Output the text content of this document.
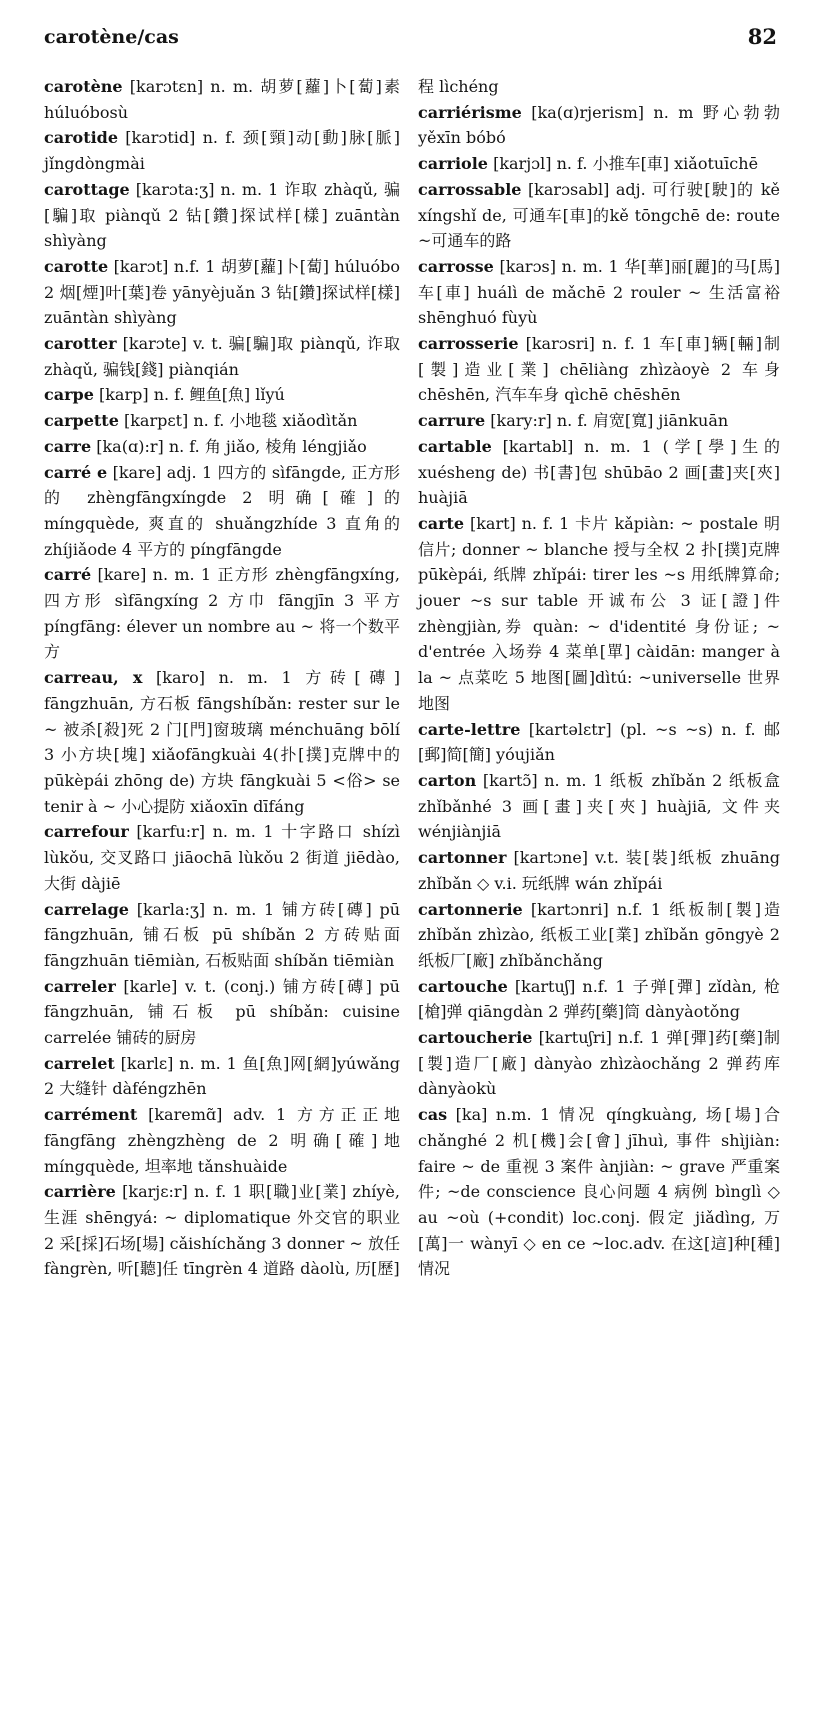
carotène/cas	82

carotène [karɔtɛn] n. m. 胡萝[蘿]卜[蔔]素 húluóbosù

carotide [karɔtid] n. f. 颈[頸]动[動]脉[脈] jǐngdòngmài

carottage [karɔta:ʒ] n. m. 1 诈取 zhàqǔ, 骗[騙]取 piànqǔ 2 钻[鑽]探试样[樣] zuāntàn shìyàng

carotte [karɔt] n.f. 1 胡萝[蘿]卜[蔔] húluóbo 2 烟[煙]叶[葉]卷 yānyèjuǎn 3 钻[鑽]探试样[樣] zuāntàn shìyàng

carotter [karɔte] v. t. 骗[騙]取 piànqǔ, 诈取 zhàqǔ, 骗钱[錢] piànqián

carpe [karp] n. f. 鲤鱼[魚] lǐyú

carpette [karpɛt] n. f. 小地毯 xiǎodìtǎn

carre [ka(ɑ):r] n. f. 角 jiǎo, 棱角 léngjiǎo

carré e [kare] adj. 1 四方的 sìfāngde, 正方形的 zhèngfāngxíngde 2 明确[確]的 míngquède, 爽直的 shuǎngzhíde 3 直角的 zhíjiǎode 4 平方的 píngfāngde

carré [kare] n. m. 1 正方形 zhèngfāngxíng, 四方形 sìfāngxíng 2 方巾 fāngjīn 3 平方 píngfāng: élever un nombre au ~ 将一个数平方

carreau, x [karo] n. m. 1 方砖[磚] fāngzhuān, 方石板 fāngshíbǎn: rester sur le ~ 被杀[殺]死 2 门[門]窗玻璃 ménchuāng bōlí 3 小方块[塊] xiǎofāngkuài 4(扑[撲]克牌中的 pūkèpái zhōng de) 方块 fāngkuài 5 <俗> se tenir à ~ 小心提防 xiǎoxīn dīfáng

carrefour [karfu:r] n. m. 1 十字路口 shízì lùkǒu, 交叉路口 jiāochā lùkǒu 2 街道 jiēdào, 大街 dàjiē

carrelage [karla:ʒ] n. m. 1 铺方砖[磚] pū fāngzhuān, 铺石板 pū shíbǎn 2 方砖贴面 fāngzhuān tiēmiàn, 石板贴面 shíbǎn tiēmiàn

carreler [karle] v. t. (conj.) 铺方砖[磚] pū fāngzhuān, 铺石板 pū shíbǎn: cuisine carrelée 铺砖的厨房

carrelet [karlɛ] n. m. 1 鱼[魚]网[網]yúwǎng 2 大缝针 dàféngzhēn

carrément [karemɑ̃] adv. 1 方方正正地 fāngfāng zhèngzhèng de 2 明确[確]地 míngquède, 坦率地 tǎnshuàide

carrière [karjɛ:r] n. f. 1 职[職]业[業] zhíyè, 生涯 shēngyá: ~ diplomatique 外交官的职业 2 采[採]石场[場] cǎishíchǎng 3 donner ~ 放任 fàngrèn, 听[聽]任 tīngrèn 4 道路 dàolù, 历[歷]

程 lìchéng

carriérisme [ka(ɑ)rjerism] n. m 野心勃勃 yěxīn bóbó

carriole [karjɔl] n. f. 小推车[車] xiǎotuīchē

carrossable [karɔsabl] adj. 可行驶[駛]的 kě xíngshǐ de, 可通车[車]的kě tōngchē de: route ~可通车的路

carrosse [karɔs] n. m. 1 华[華]丽[麗]的马[馬]车[車] huálì de mǎchē 2 rouler ~ 生活富裕 shēnghuó fùyù

carrosserie [karɔsri] n. f. 1 车[車]辆[輛]制[製]造业[業] chēliàng zhìzàoyè 2 车身 chēshēn, 汽车车身 qìchē chēshēn

carrure [kary:r] n. f. 肩宽[寬] jiānkuān

cartable [kartabl] n. m. 1 (学[學]生的 xuésheng de) 书[書]包 shūbāo 2 画[畫]夹[夾] huàjiā

carte [kart] n. f. 1 卡片 kǎpiàn: ~ postale 明信片; donner ~ blanche 授与全权 2 扑[撲]克牌 pūkèpái, 纸牌 zhǐpái: tirer les ~s 用纸牌算命; jouer ~s sur table 开诚布公 3 证[證]件 zhèngjiàn,券 quàn: ~ d'identité 身份证; ~ d'entrée 入场券 4 菜单[單] càidān: manger à la ~ 点菜吃 5 地图[圖]dìtú: ~universelle 世界地图

carte-lettre [kartəlɛtr] (pl. ~s ~s) n. f. 邮[郵]简[簡] yóujiǎn

carton [kartɔ̃] n. m. 1 纸板 zhǐbǎn 2 纸板盒 zhǐbǎnhé 3 画[畫]夹[夾] huàjiā, 文件夹 wénjiànjiā

cartonner [kartɔne] v.t. 装[裝]纸板 zhuāng zhǐbǎn ◇ v.i. 玩纸牌 wán zhǐpái

cartonnerie [kartɔnri] n.f. 1 纸板制[製]造 zhǐbǎn zhìzào, 纸板工业[業] zhǐbǎn gōngyè 2 纸板厂[廠] zhǐbǎnchǎng

cartouche [kartuʃ] n.f. 1 子弹[彈] zǐdàn, 枪[槍]弹 qiāngdàn 2 弹药[藥]筒 dànyàotǒng

cartoucherie [kartuʃri] n.f. 1 弹[彈]药[藥]制[製]造厂[廠] dànyào zhìzàochǎng 2 弹药库 dànyàokù

cas [ka] n.m. 1 情况 qíngkuàng, 场[場]合 chǎnghé 2 机[機]会[會] jīhuì, 事件 shìjiàn: faire ~ de 重视 3 案件 ànjiàn: ~ grave 严重案件; ~de conscience 良心问题 4 病例 bìnglì ◇ au ~où (+condit) loc.conj. 假定 jiǎdìng, 万[萬]一 wànyī ◇ en ce ~loc.adv. 在这[這]种[種]情况
